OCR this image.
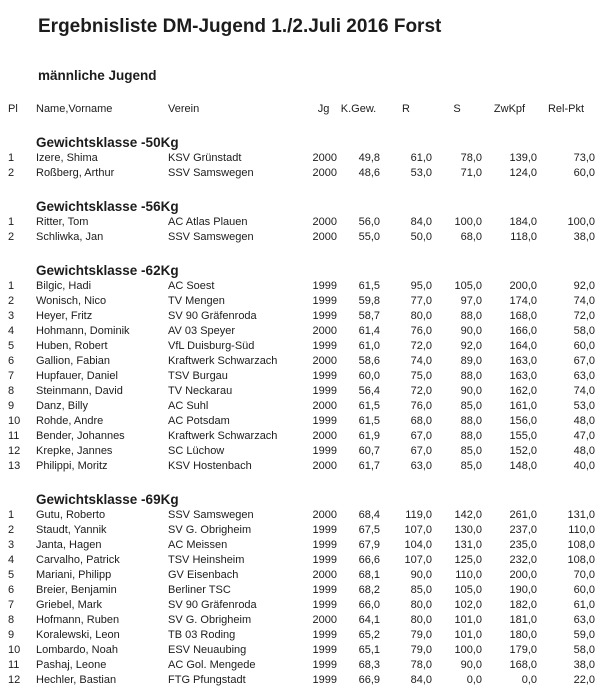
Ergebnisliste DM-Jugend 1./2.Juli 2016 Forst
männliche Jugend
Pl	Name,Vorname	Verein	Jg	K.Gew.	R	S	ZwKpf	Rel-Pkt

Gewichtsklasse -50Kg								
1	Izere, Shima	KSV Grünstadt	2000	49,8	61,0	78,0	139,0	73,0
2	Roßberg, Arthur	SSV Samswegen	2000	48,6	53,0	71,0	124,0	60,0

Gewichtsklasse -56Kg								
1	Ritter, Tom	AC Atlas Plauen	2000	56,0	84,0	100,0	184,0	100,0
2	Schliwka, Jan	SSV Samswegen	2000	55,0	50,0	68,0	118,0	38,0

Gewichtsklasse -62Kg								
1	Bilgic, Hadi	AC Soest	1999	61,5	95,0	105,0	200,0	92,0
2	Wonisch, Nico	TV Mengen	1999	59,8	77,0	97,0	174,0	74,0
3	Heyer, Fritz	SV 90 Gräfenroda	1999	58,7	80,0	88,0	168,0	72,0
4	Hohmann, Dominik	AV 03 Speyer	2000	61,4	76,0	90,0	166,0	58,0
5	Huben, Robert	VfL Duisburg-Süd	1999	61,0	72,0	92,0	164,0	60,0
6	Gallion, Fabian	Kraftwerk Schwarzach	2000	58,6	74,0	89,0	163,0	67,0
7	Hupfauer, Daniel	TSV Burgau	1999	60,0	75,0	88,0	163,0	63,0
8	Steinmann, David	TV Neckarau	1999	56,4	72,0	90,0	162,0	74,0
9	Danz, Billy	AC Suhl	2000	61,5	76,0	85,0	161,0	53,0
10	Rohde, Andre	AC Potsdam	1999	61,5	68,0	88,0	156,0	48,0
11	Bender, Johannes	Kraftwerk Schwarzach	2000	61,9	67,0	88,0	155,0	47,0
12	Krepke, Jannes	SC Lüchow	1999	60,7	67,0	85,0	152,0	48,0
13	Philippi, Moritz	KSV Hostenbach	2000	61,7	63,0	85,0	148,0	40,0

Gewichtsklasse -69Kg								
1	Gutu, Roberto	SSV Samswegen	2000	68,4	119,0	142,0	261,0	131,0
2	Staudt, Yannik	SV G. Obrigheim	1999	67,5	107,0	130,0	237,0	110,0
3	Janta, Hagen	AC Meissen	1999	67,9	104,0	131,0	235,0	108,0
4	Carvalho, Patrick	TSV Heinsheim	1999	66,6	107,0	125,0	232,0	108,0
5	Mariani, Philipp	GV Eisenbach	2000	68,1	90,0	110,0	200,0	70,0
6	Breier, Benjamin	Berliner TSC	1999	68,2	85,0	105,0	190,0	60,0
7	Griebel, Mark	SV 90 Gräfenroda	1999	66,0	80,0	102,0	182,0	61,0
8	Hofmann, Ruben	SV G. Obrigheim	2000	64,1	80,0	101,0	181,0	63,0
9	Koralewski, Leon	TB 03 Roding	1999	65,2	79,0	101,0	180,0	59,0
10	Lombardo, Noah	ESV Neuaubing	1999	65,1	79,0	100,0	179,0	58,0
11	Pashaj, Leone	AC Gol. Mengede	1999	68,3	78,0	90,0	168,0	38,0
12	Hechler, Bastian	FTG Pfungstadt	1999	66,9	84,0	0,0	0,0	22,0
